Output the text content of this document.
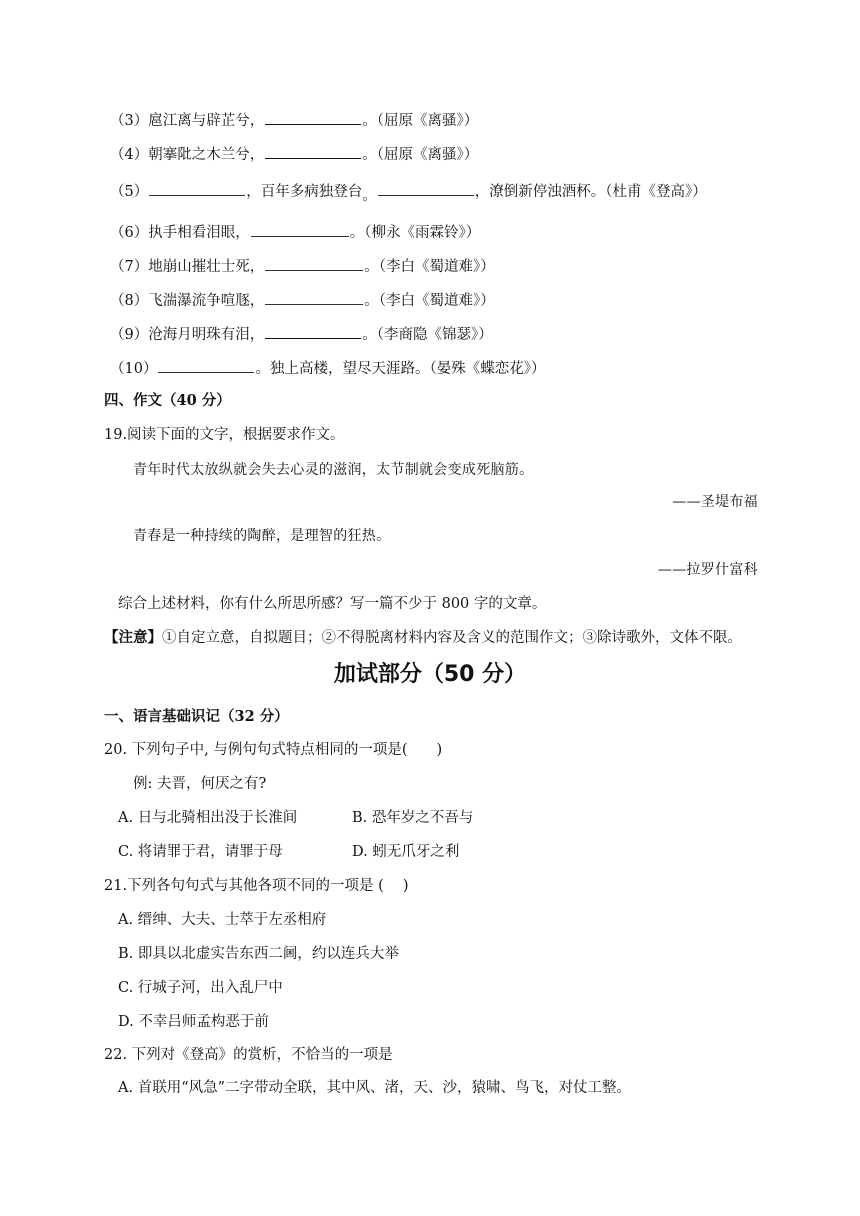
（3）扈江离与辟芷兮，	。（屈原《离骚》）
（4）朝搴阰之木兰兮，	。（屈原《离骚》）
（5）	，百年多病独登台。	，潦倒新停浊酒杯。（杜甫《登高》）
（6）执手相看泪眼，	。（柳永《雨霖铃》）
（7）地崩山摧壮士死，	。（李白《蜀道难》）
（8）飞湍瀑流争喧豗，	。（李白《蜀道难》）
（9）沧海月明珠有泪，	。（李商隐《锦瑟》）
（10）	。独上高楼，望尽天涯路。（晏殊《蝶恋花》）
四、作文（40 分）
19.阅读下面的文字，根据要求作文。
青年时代太放纵就会失去心灵的滋润，太节制就会变成死脑筋。
——圣堤布福
青春是一种持续的陶醉，是理智的狂热。
——拉罗什富科
综合上述材料，你有什么所思所感？写一篇不少于 800 字的文章。
【注意】①自定立意，自拟题目；②不得脱离材料内容及含义的范围作文；③除诗歌外，文体不限。
加试部分（50 分）
一、语言基础识记（32 分）
20. 下列句子中, 与例句句式特点相同的一项是(　　)
例: 夫晋，何厌之有?
A. 日与北骑相出没于长淮间	B. 恐年岁之不吾与
C. 将请罪于君，请罪于母	D. 蚓无爪牙之利
21.下列各句句式与其他各项不同的一项是 (　 )
A. 缙绅、大夫、士萃于左丞相府
B. 即具以北虚实告东西二阃，约以连兵大举
C. 行城子河，出入乱尸中
D. 不幸吕师孟构恶于前
22. 下列对《登高》的赏析，不恰当的一项是
A. 首联用“风急”二字带动全联，其中风、渚，天、沙，猿啸、鸟飞，对仗工整。
